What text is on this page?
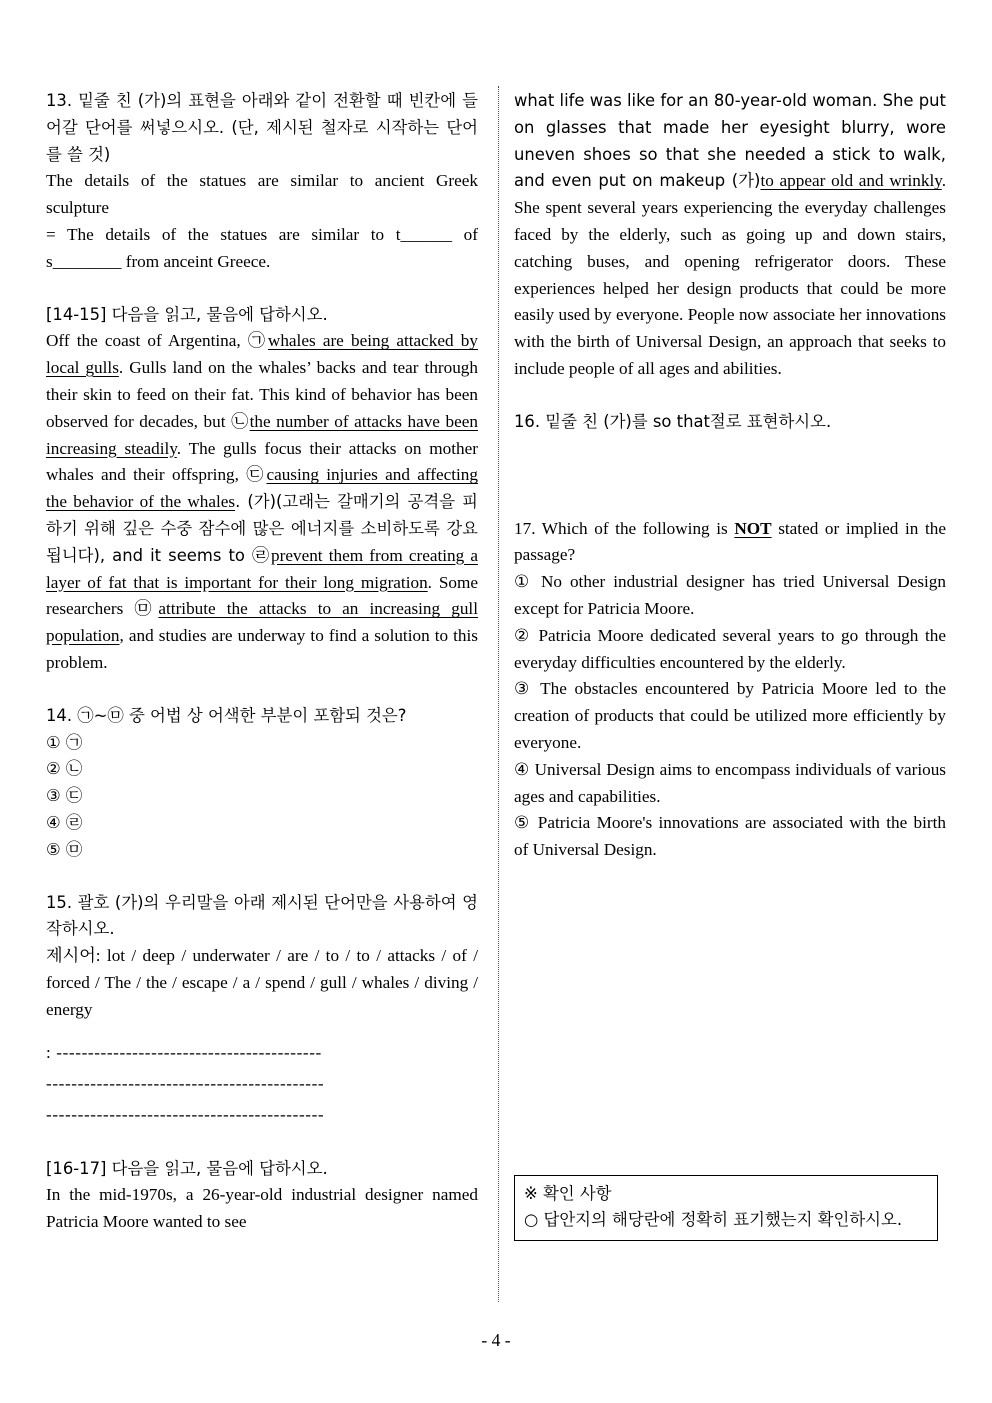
13. 밑줄 친 (가)의 표현을 아래와 같이 전환할 때 빈칸에 들어갈 단어를 써넣으시오. (단, 제시된 철자로 시작하는 단어를 쓸 것)

The details of the statues are similar to ancient Greek sculpture

= The details of the statues are similar to t______ of s________ from anceint Greece.

[14-15] 다음을 읽고, 물음에 답하시오.

Off the coast of Argentina, ㉠whales are being attacked by local gulls. Gulls land on the whales’ backs and tear through their skin to feed on their fat. This kind of behavior has been observed for decades, but ㉡the number of attacks have been increasing steadily. The gulls focus their attacks on mother whales and their offspring, ㉢causing injuries and affecting the behavior of the whales. (가)(고래는 갈매기의 공격을 피하기 위해 깊은 수중 잠수에 많은 에너지를 소비하도록 강요됩니다), and it seems to ㉣prevent them from creating a layer of fat that is important for their long migration. Some researchers ㉤attribute the attacks to an increasing gull population, and studies are underway to find a solution to this problem.

14. ㉠~㉤ 중 어법 상 어색한 부분이 포함되 것은?

① ㉠

② ㉡

③ ㉢

④ ㉣

⑤ ㉤

15. 괄호 (가)의 우리말을 아래 제시된 단어만을 사용하여 영작하시오.

제시어: lot / deep / underwater / are / to / to / attacks / of / forced / The / the / escape / a / spend / gull / whales / diving / energy

: ------------------------------------------

--------------------------------------------

--------------------------------------------

[16-17] 다음을 읽고, 물음에 답하시오.

In the mid-1970s, a 26-year-old industrial designer named Patricia Moore wanted to see

what life was like for an 80-year-old woman. She put on glasses that made her eyesight blurry, wore uneven shoes so that she needed a stick to walk, and even put on makeup (가)to appear old and wrinkly. She spent several years experiencing the everyday challenges faced by the elderly, such as going up and down stairs, catching buses, and opening refrigerator doors. These experiences helped her design products that could be more easily used by everyone. People now associate her innovations with the birth of Universal Design, an approach that seeks to include people of all ages and abilities.

16. 밑줄 친 (가)를 so that절로 표현하시오.

17. Which of the following is NOT stated or implied in the passage?

① No other industrial designer has tried Universal Design except for Patricia Moore.

② Patricia Moore dedicated several years to go through the everyday difficulties encountered by the elderly.

③ The obstacles encountered by Patricia Moore led to the creation of products that could be utilized more efficiently by everyone.

④ Universal Design aims to encompass individuals of various ages and capabilities.

⑤ Patricia Moore's innovations are associated with the birth of Universal Design.

※ 확인 사항

○ 답안지의 해당란에 정확히 표기했는지 확인하시오.

- 4 -
